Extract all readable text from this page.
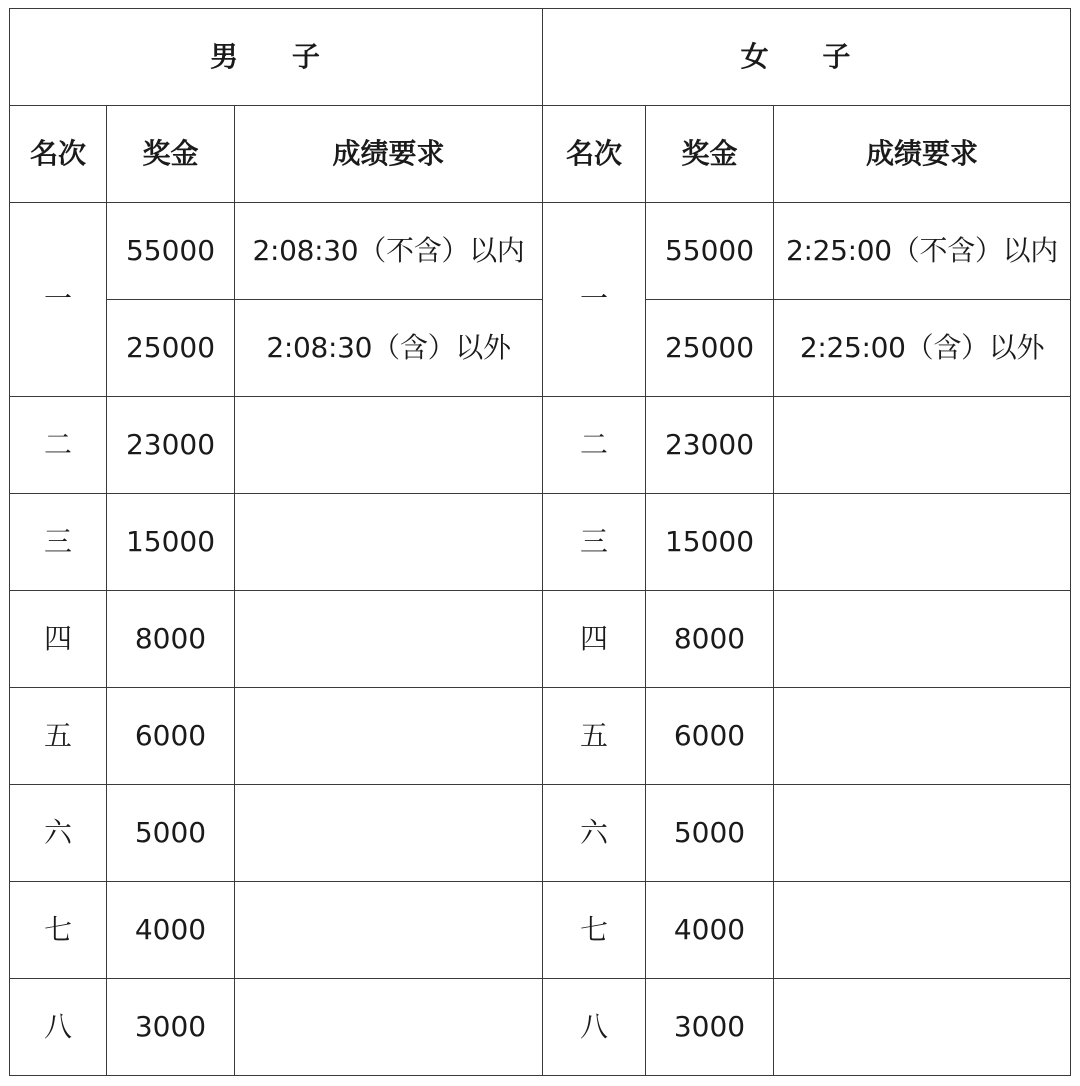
男 子			女 子		
名次	奖金	成绩要求	名次	奖金	成绩要求
一	55000	2:08:30（不含）以内	一	55000	2:25:00（不含）以内
	25000	2:08:30（含）以外		25000	2:25:00（含）以外
二	23000		二	23000	
三	15000		三	15000	
四	8000		四	8000	
五	6000		五	6000	
六	5000		六	5000	
七	4000		七	4000	
八	3000		八	3000	
